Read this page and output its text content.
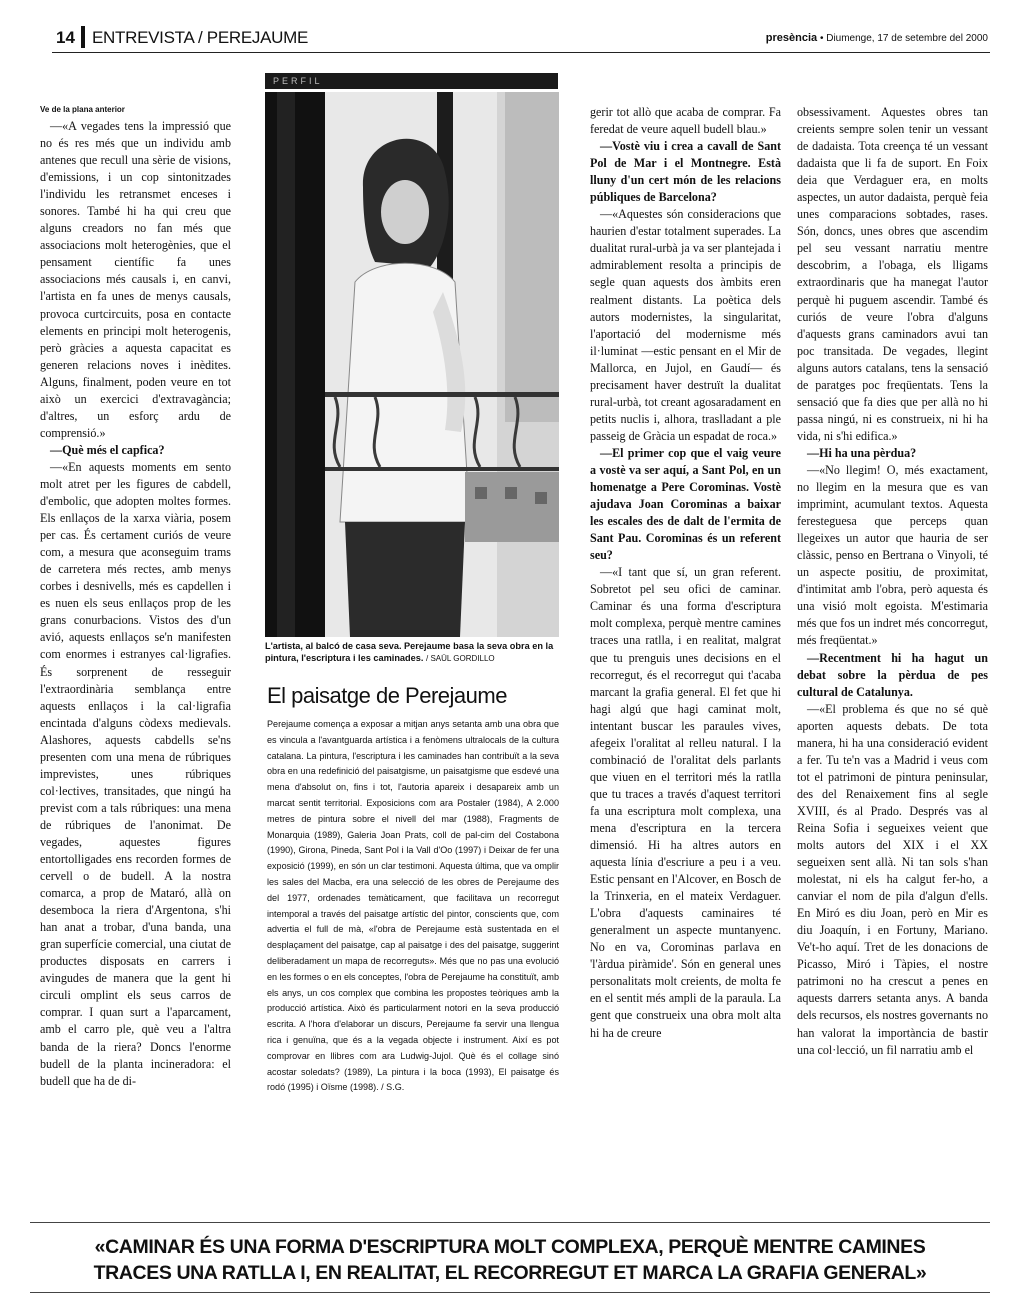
14 ENTREVISTA / PEREJAUME	presència • Diumenge, 17 de setembre del 2000
PERFIL
Ve de la plana anterior

—«A vegades tens la impressió que no és res més que un individu amb antenes que recull una sèrie de visions, d'emissions, i un cop sintonitzades l'individu les retransmet enceses i sonores. També hi ha qui creu que alguns creadors no fan més que associacions molt heterogènies, que el pensament científic fa unes associacions més causals i, en canvi, l'artista en fa unes de menys causals, provoca curtcircuits, posa en contacte elements en principi molt heterogenis, però gràcies a aquesta capacitat es generen relacions noves i inèdites. Alguns, finalment, poden veure en tot això un exercici d'extravagància; d'altres, un esforç ardu de comprensió.»

—Què més el capfica?

—«En aquests moments em sento molt atret per les figures de cabdell, d'embolic, que adopten moltes formes. Els enllaços de la xarxa viària, posem per cas. És certament curiós de veure com, a mesura que aconseguim trams de carretera més rectes, amb menys corbes i desnivells, més es capdellen i es nuen els seus enllaços prop de les grans conurbacions. Vistos des d'un avió, aquests enllaços se'n manifesten com enormes i estranyes cal·ligrafies. És sorprenent de resseguir l'extraordinària semblança entre aquests enllaços i la cal·ligrafia encintada d'alguns còdexs medievals. Alashores, aquests cabdells se'ns presenten com una mena de rúbriques imprevistes, unes rúbriques col·lectives, transitades, que ningú ha previst com a tals rúbriques: una mena de rúbriques de l'anonimat. De vegades, aquestes figures entortolligades ens recorden formes de cervell o de budell. A la nostra comarca, a prop de Mataró, allà on desemboca la riera d'Argentona, s'hi han anat a trobar, d'una banda, una gran superfície comercial, una ciutat de productes disposats en carrers i avingudes de manera que la gent hi circuli omplint els seus carros de comprar. I quan surt a l'aparcament, amb el carro ple, què veu a l'altra banda de la riera? Doncs l'enorme budell de la planta incineradora: el budell que ha de di-

L'artista, al balcó de casa seva. Perejaume basa la seva obra en la pintura, l'escriptura i les caminades. / SAÜL GORDILLO
El paisatge de Perejaume

Perejaume comença a exposar a mitjan anys setanta amb una obra que es vincula a l'avantguarda artística i a fenòmens ultralocals de la cultura catalana. La pintura, l'escriptura i les caminades han contribuït a la seva obra en una redefinició del paisatgisme, un paisatgisme que esdevé una mena d'absolut on, fins i tot, l'autoria apareix i desapareix amb un marcat sentit territorial. Exposicions com ara Postaler (1984), A 2.000 metres de pintura sobre el nivell del mar (1988), Fragments de Monarquia (1989), Galeria Joan Prats, coll de pal-cim del Costabona (1990), Girona, Pineda, Sant Pol i la Vall d'Oo (1997) i Deixar de fer una exposició (1999), en són un clar testimoni. Aquesta última, que va omplir les sales del Macba, era una selecció de les obres de Perejaume des del 1977, ordenades temàticament, que facilitava un recorregut intemporal a través del paisatge artístic del pintor, conscients que, com advertia el full de mà, «l'obra de Perejaume està sustentada en el desplaçament del paisatge, cap al paisatge i des del paisatge, suggerint deliberadament un mapa de recorreguts». Més que no pas una evolució en les formes o en els conceptes, l'obra de Perejaume ha constituït, amb els anys, un cos complex que combina les propostes teòriques amb la producció artística. Això és particularment notori en la seva producció escrita. A l'hora d'elaborar un discurs, Perejaume fa servir una llengua rica i genuïna, que és a la vegada objecte i instrument. Així es pot comprovar en llibres com ara Ludwig-Jujol. Què és el collage sinó acostar soledats? (1989), La pintura i la boca (1993), El paisatge és rodó (1995) i Oïsme (1998). / S.G.

gerir tot allò que acaba de comprar. Fa feredat de veure aquell budell blau.»

—Vostè viu i crea a cavall de Sant Pol de Mar i el Montnegre. Està lluny d'un cert món de les relacions públiques de Barcelona?

—«Aquestes són consideracions que haurien d'estar totalment superades. La dualitat rural-urbà ja va ser plantejada i admirablement resolta a principis de segle quan aquests dos àmbits eren realment distants. La poètica dels autors modernistes, la singularitat, l'aportació del modernisme més il·luminat —estic pensant en el Mir de Mallorca, en Jujol, en Gaudí— és precisament haver destruït la dualitat rural-urbà, tot creant agosaradament en petits nuclis i, alhora, traslladant a ple passeig de Gràcia un espadat de roca.»

—El primer cop que el vaig veure a vostè va ser aquí, a Sant Pol, en un homenatge a Pere Corominas. Vostè ajudava Joan Corominas a baixar les escales des de dalt de l'ermita de Sant Pau. Corominas és un referent seu?

—«I tant que sí, un gran referent. Sobretot pel seu ofici de caminar. Caminar és una forma d'escriptura molt complexa, perquè mentre camines traces una ratlla, i en realitat, malgrat que tu prenguis unes decisions en el recorregut, és el recorregut qui t'acaba marcant la grafia general. El fet que hi hagi algú que hagi caminat molt, intentant buscar les paraules vives, afegeix l'oralitat al relleu natural. I la combinació de l'oralitat dels parlants que viuen en el territori més la ratlla que tu traces a través d'aquest territori fa una escriptura molt complexa, una mena d'escriptura en la tercera dimensió. Hi ha altres autors en aquesta línia d'escriure a peu i a veu. Estic pensant en l'Alcover, en Bosch de la Trinxeria, en el mateix Verdaguer. L'obra d'aquests caminaires té generalment un aspecte muntanyenc. No en va, Corominas parlava en 'l'àrdua piràmide'. Són en general unes personalitats molt creients, de molta fe en el sentit més ampli de la paraula. La gent que construeix una obra molt alta hi ha de creure

obsessivament. Aquestes obres tan creients sempre solen tenir un vessant de dadaista. Tota creença té un vessant dadaista que li fa de suport. En Foix deia que Verdaguer era, en molts aspectes, un autor dadaista, perquè feia unes comparacions sobtades, rases. Són, doncs, unes obres que ascendim pel seu vessant narratiu mentre descobrim, a l'obaga, els lligams extraordinaris que ha manegat l'autor perquè hi puguem ascendir. També és curiós de veure l'obra d'alguns d'aquests grans caminadors avui tan poc transitada. De vegades, llegint alguns autors catalans, tens la sensació de paratges poc freqüentats. Tens la sensació que fa dies que per allà no hi passa ningú, ni es construeix, ni hi ha vida, ni s'hi edifica.»

—Hi ha una pèrdua?

—«No llegim! O, més exactament, no llegim en la mesura que es van imprimint, acumulant textos. Aquesta feresteguesa que perceps quan llegeixes un autor que hauria de ser clàssic, penso en Bertrana o Vinyoli, té un aspecte positiu, de proximitat, d'intimitat amb l'obra, però aquesta és una visió molt egoista. M'estimaria més que fos un indret més concorregut, més freqüentat.»

—Recentment hi ha hagut un debat sobre la pèrdua de pes cultural de Catalunya.

—«El problema és que no sé què aporten aquests debats. De tota manera, hi ha una consideració evident a fer. Tu te'n vas a Madrid i veus com tot el patrimoni de pintura peninsular, des del Renaixement fins al segle XVIII, és al Prado. Després vas al Reina Sofia i segueixes veient que molts autors del XIX i el XX segueixen sent allà. Ni tan sols s'han molestat, ni els ha calgut fer-ho, a canviar el nom de pila d'algun d'ells. En Miró es diu Joan, però en Mir es diu Joaquín, i en Fortuny, Mariano. Ve't-ho aquí. Tret de les donacions de Picasso, Miró i Tàpies, el nostre patrimoni no ha crescut a penes en aquests darrers setanta anys. A banda dels recursos, els nostres governants no han valorat la importància de bastir una col·lecció, un fil narratiu amb el

«CAMINAR ÉS UNA FORMA D'ESCRIPTURA MOLT COMPLEXA, PERQUÈ MENTRE CAMINES
TRACES UNA RATLLA I, EN REALITAT, EL RECORREGUT ET MARCA LA GRAFIA GENERAL»
